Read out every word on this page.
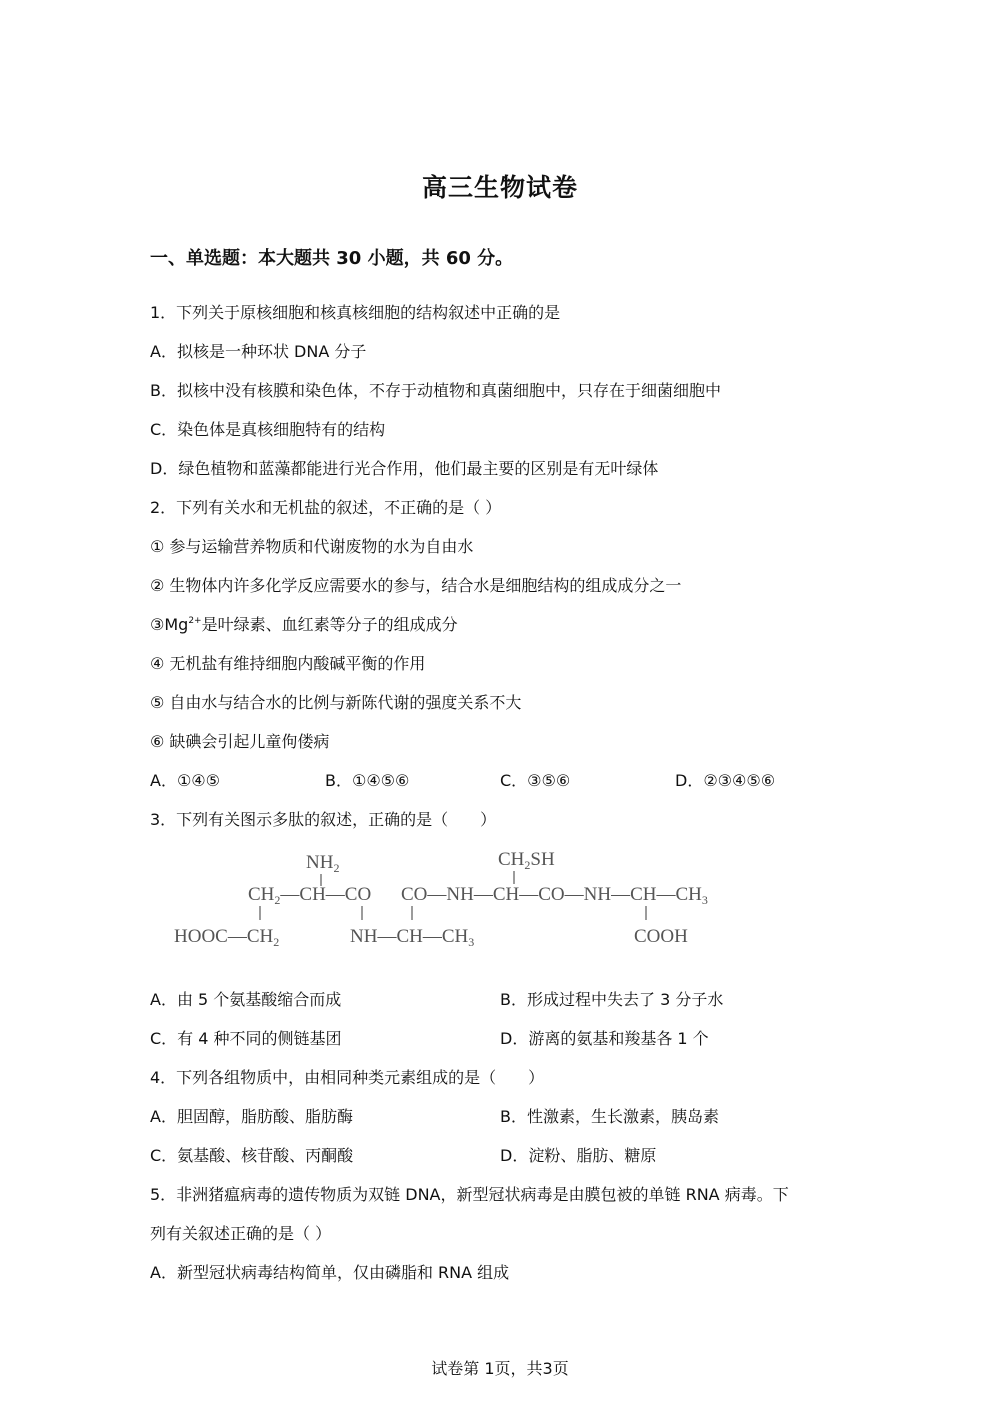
高三生物试卷
一、单选题：本大题共 30 小题，共 60 分。
1．下列关于原核细胞和核真核细胞的结构叙述中正确的是
A．拟核是一种环状 DNA 分子
B．拟核中没有核膜和染色体，不存于动植物和真菌细胞中，只存在于细菌细胞中
C．染色体是真核细胞特有的结构
D．绿色植物和蓝藻都能进行光合作用，他们最主要的区别是有无叶绿体
2．下列有关水和无机盐的叙述，不正确的是（ ）
① 参与运输营养物质和代谢废物的水为自由水
② 生物体内许多化学反应需要水的参与，结合水是细胞结构的组成成分之一
$③Mg^{2+}$是叶绿素、血红素等分子的组成成分
④ 无机盐有维持细胞内酸碱平衡的作用
⑤ 自由水与结合水的比例与新陈代谢的强度关系不大
⑥ 缺碘会引起儿童佝偻病
A．①④⑤	B．①④⑤⑥	C．③⑤⑥	D．②③④⑤⑥
3．下列有关图示多肽的叙述，正确的是（　　）
$NH_2$	$CH_2SH$
$CH_2—CH—CO$ $CO—NH—CH—CO—NH—CH—CH_3$
$HOOC—CH_2$	$NH—CH—CH_3$	COOH
A．由 5 个氨基酸缩合而成	B．形成过程中失去了 3 分子水
C．有 4 种不同的侧链基团	D．游离的氨基和羧基各 1 个
4．下列各组物质中，由相同种类元素组成的是（　　）
A．胆固醇，脂肪酸、脂肪酶	B．性激素，生长激素，胰岛素
C．氨基酸、核苷酸、丙酮酸	D．淀粉、脂肪、糖原
5．非洲猪瘟病毒的遗传物质为双链 DNA，新型冠状病毒是由膜包被的单链 RNA 病毒。下
列有关叙述正确的是（ ）
A．新型冠状病毒结构简单，仅由磷脂和 RNA 组成
试卷第 1页，共3页
